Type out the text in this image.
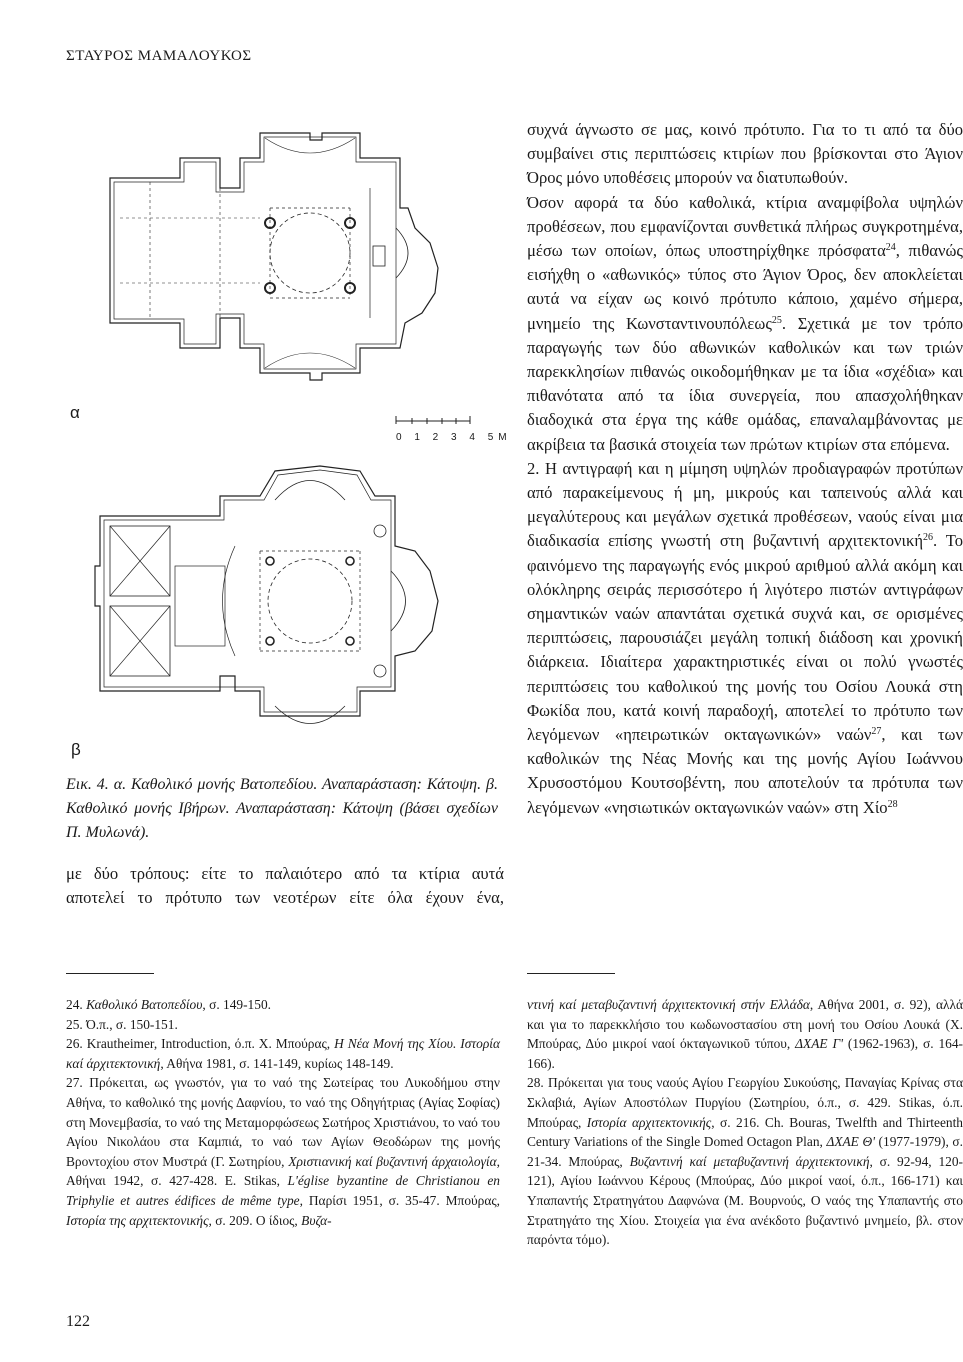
ΣΤΑΥΡΟΣ ΜΑΜΑΛΟΥΚΟΣ
α
β
0 1 2 3 4 5M
Εικ. 4. α. Καθολικό μονής Βατοπεδίου. Αναπαράσταση: Κάτοψη. β. Καθολικό μονής Ιβήρων. Αναπαράσταση: Κάτοψη (βάσει σχεδίων Π. Μυλωνά).

με δύο τρόπους: είτε το παλαιότερο από τα κτίρια αυτά

αποτελεί το πρότυπο των νεοτέρων είτε όλα έχουν ένα,

συχνά άγνωστο σε μας, κοινό πρότυπο. Για το τι από τα δύο συμβαίνει στις περιπτώσεις κτιρίων που βρίσκονται στο Άγιον Όρος μόνο υποθέσεις μπορούν να διατυπωθούν.

Όσον αφορά τα δύο καθολικά, κτίρια αναμφίβολα υψηλών προθέσεων, που εμφανίζονται συνθετικά πλήρως συγκροτημένα, μέσω των οποίων, όπως υποστηρίχθηκε πρόσφατα$^{24}$, πιθανώς εισήχθη ο «αθωνικός» τύπος στο Άγιον Όρος, δεν αποκλείεται αυτά να είχαν ως κοινό πρότυπο κάποιο, χαμένο σήμερα, μνημείο της Κωνσταντινουπόλεως$^{25}$. Σχετικά με τον τρόπο παραγωγής των δύο αθωνικών καθολικών και των τριών παρεκκλησίων πιθανώς οικοδομήθηκαν με τα ίδια «σχέδια» και πιθανότατα από τα ίδια συνεργεία, που απασχολήθηκαν διαδοχικά στα έργα της κάθε ομάδας, επαναλαμβάνοντας με ακρίβεια τα βασικά στοιχεία των πρώτων κτιρίων στα επόμενα.

2. Η αντιγραφή και η μίμηση υψηλών προδιαγραφών προτύπων από παρακείμενους ή μη, μικρούς και ταπεινούς αλλά και μεγαλύτερους και μεγάλων σχετικά προθέσεων, ναούς είναι μια διαδικασία επίσης γνωστή στη βυζαντινή αρχιτεκτονική$^{26}$. Το φαινόμενο της παραγωγής ενός μικρού αριθμού αλλά ακόμη και ολόκληρης σειράς περισσότερο ή λιγότερο πιστών αντιγράφων σημαντικών ναών απαντάται σχετικά συχνά και, σε ορισμένες περιπτώσεις, παρουσιάζει μεγάλη τοπική διάδοση και χρονική διάρκεια. Ιδιαίτερα χαρακτηριστικές είναι οι πολύ γνωστές περιπτώσεις του καθολικού της μονής του Οσίου Λουκά στη Φωκίδα που, κατά κοινή παραδοχή, αποτελεί το πρότυπο των λεγόμενων «ηπειρωτικών οκταγωνικών» ναών$^{27}$, και των καθολικών της Νέας Μονής και της μονής Αγίου Ιωάννου Χρυσοστόμου Κουτσοβέντη, που αποτελούν τα πρότυπα των λεγόμενων «νησιωτικών οκταγωνικών ναών» στη Χίο$^{28}$

24. Καθολικό Βατοπεδίου, σ. 149-150.

25. Ό.π., σ. 150-151.

26. Krautheimer, Introduction, ό.π. Χ. Μπούρας, Η Νέα Μονή της Χίου. Ιστορία καί άρχιτεκτονική, Αθήνα 1981, σ. 141-149, κυρίως 148-149.

27. Πρόκειται, ως γνωστόν, για το ναό της Σωτείρας του Λυκοδήμου στην Αθήνα, το καθολικό της μονής Δαφνίου, το ναό της Οδηγήτριας (Αγίας Σοφίας) στη Μονεμβασία, το ναό της Μεταμορφώσεως Σωτήρος Χριστιάνου, το ναό του Αγίου Νικολάου στα Καμπιά, το ναό των Αγίων Θεοδώρων της μονής Βροντοχίου στον Μυστρά (Γ. Σωτηρίου, Χριστιανική καί βυζαντινή άρχαιολογία, Αθήναι 1942, σ. 427-428. E. Stikas, L'église byzantine de Christianou en Triphylie et autres édifices de même type, Παρίσι 1951, σ. 35-47. Μπούρας, Ιστορία της αρχιτεκτονικής, σ. 209. Ο ίδιος, Βυζα-

ντινή καί μεταβυζαντινή άρχιτεκτονική στήν Ελλάδα, Αθήνα 2001, σ. 92), αλλά και για το παρεκκλήσιο του κωδωνοστασίου στη μονή του Οσίου Λουκά (Χ. Μπούρας, Δύο μικροί ναοί όκταγωνικοῦ τύπου, ΔΧΑΕ Γ' (1962-1963), σ. 164-166).

28. Πρόκειται για τους ναούς Αγίου Γεωργίου Συκούσης, Παναγίας Κρίνας στα Σκλαβιά, Αγίων Αποστόλων Πυργίου (Σωτηρίου, ό.π., σ. 429. Stikas, ό.π. Μπούρας, Ιστορία αρχιτεκτονικής, σ. 216. Ch. Bouras, Twelfth and Thirteenth Century Variations of the Single Domed Octagon Plan, ΔΧΑΕ Θ' (1977-1979), σ. 21-34. Μπούρας, Βυζαντινή καί μεταβυζαντινή άρχιτεκτονική, σ. 92-94, 120-121), Αγίου Ιωάννου Κέρους (Μπούρας, Δύο μικροί ναοί, ό.π., 166-171) και Υπαπαντής Στρατηγάτου Δαφνώνα (Μ. Βουρνούς, Ο ναός της Υπαπαντής στο Στρατηγάτο της Χίου. Στοιχεία για ένα ανέκδοτο βυζαντινό μνημείο, βλ. στον παρόντα τόμο).

122
